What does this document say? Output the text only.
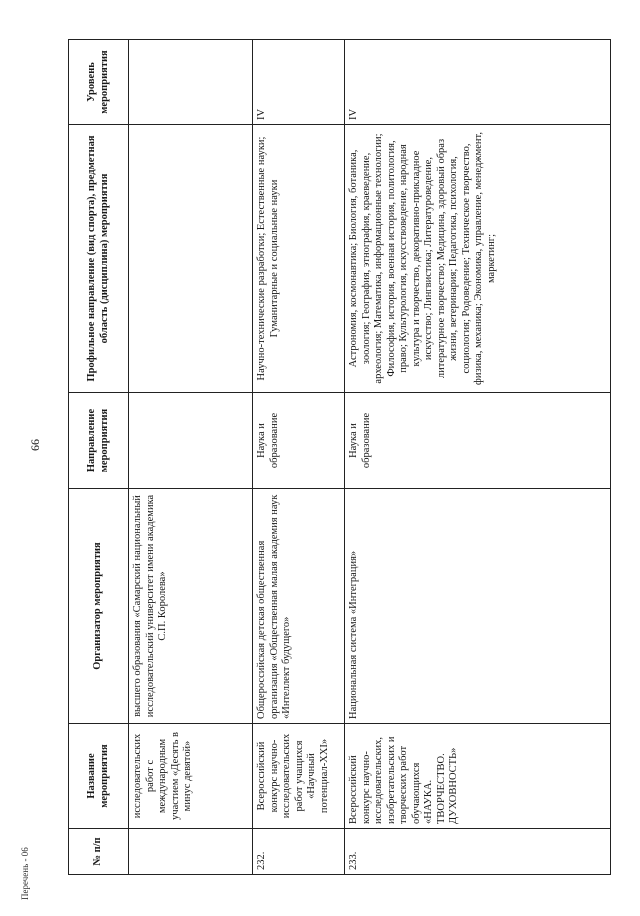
66
№ п/п	Название мероприятия	Организатор мероприятия	Направление мероприятия	Профильное направление (вид спорта), предметная область (дисциплина) мероприятия	Уровень мероприятия
	исследовательских работ с международным участием «Десять в минус девятой»	высшего образования «Самарский национальный исследовательский университет имени академика С.П. Королева»			
232.	Всероссийский конкурс научно-исследовательских работ учащихся «Научный потенциал-XXI»	Общероссийская детская общественная организация «Общественная малая академия наук «Интеллект будущего»	Наука и образование	Научно-технические разработки; Естественные науки; Гуманитарные и социальные науки	IV
233.	Всероссийский конкурс научно-исследовательских, изобретательских и творческих работ обучающихся «НАУКА. ТВОРЧЕСТВО. ДУХОВНОСТЬ»	Национальная система «Интеграция»	Наука и образование	Астрономия, космонавтика; Биология, ботаника, зоология; География, этнография, краеведение, археология; Математика, информационные технологии; Философия, история, военная история, политология, право; Культурология, искусствоведение, народная культура и творчество, декоративно-прикладное искусство; Лингвистика; Литературоведение, литературное творчество; Медицина, здоровый образ жизни, ветеринария; Педагогика, психология, социология; Родоведение; Техническое творчество, физика, механика; Экономика, управление, менеджмент, маркетинг;	IV
Перечень - 06
